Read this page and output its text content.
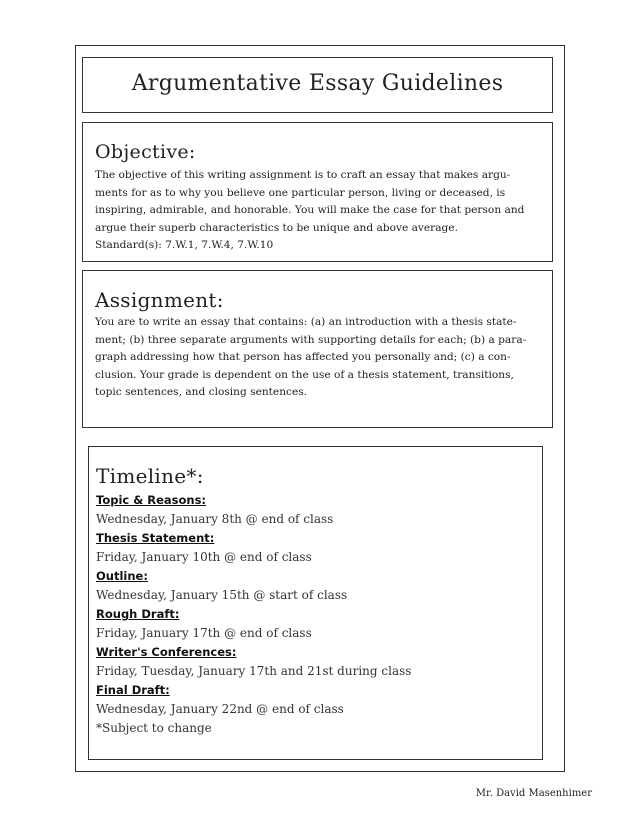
Argumentative Essay Guidelines
Objective:

The objective of this writing assignment is to craft an essay that makes argu-

ments for as to why you believe one particular person, living or deceased, is

inspiring, admirable, and honorable. You will make the case for that person and

argue their superb characteristics to be unique and above average.

Standard(s): 7.W.1, 7.W.4, 7.W.10

Assignment:

You are to write an essay that contains: (a) an introduction with a thesis state-

ment; (b) three separate arguments with supporting details for each; (b) a para-

graph addressing how that person has affected you personally and; (c) a con-

clusion. Your grade is dependent on the use of a thesis statement, transitions,

topic sentences, and closing sentences.

Timeline*:
Topic & Reasons:
Wednesday, January 8th @ end of class
Thesis Statement:
Friday, January 10th @ end of class
Outline:
Wednesday, January 15th @ start of class
Rough Draft:
Friday, January 17th @ end of class
Writer's Conferences:
Friday, Tuesday, January 17th and 21st during class
Final Draft:
Wednesday, January 22nd @ end of class
*Subject to change
Mr. David Masenhimer
